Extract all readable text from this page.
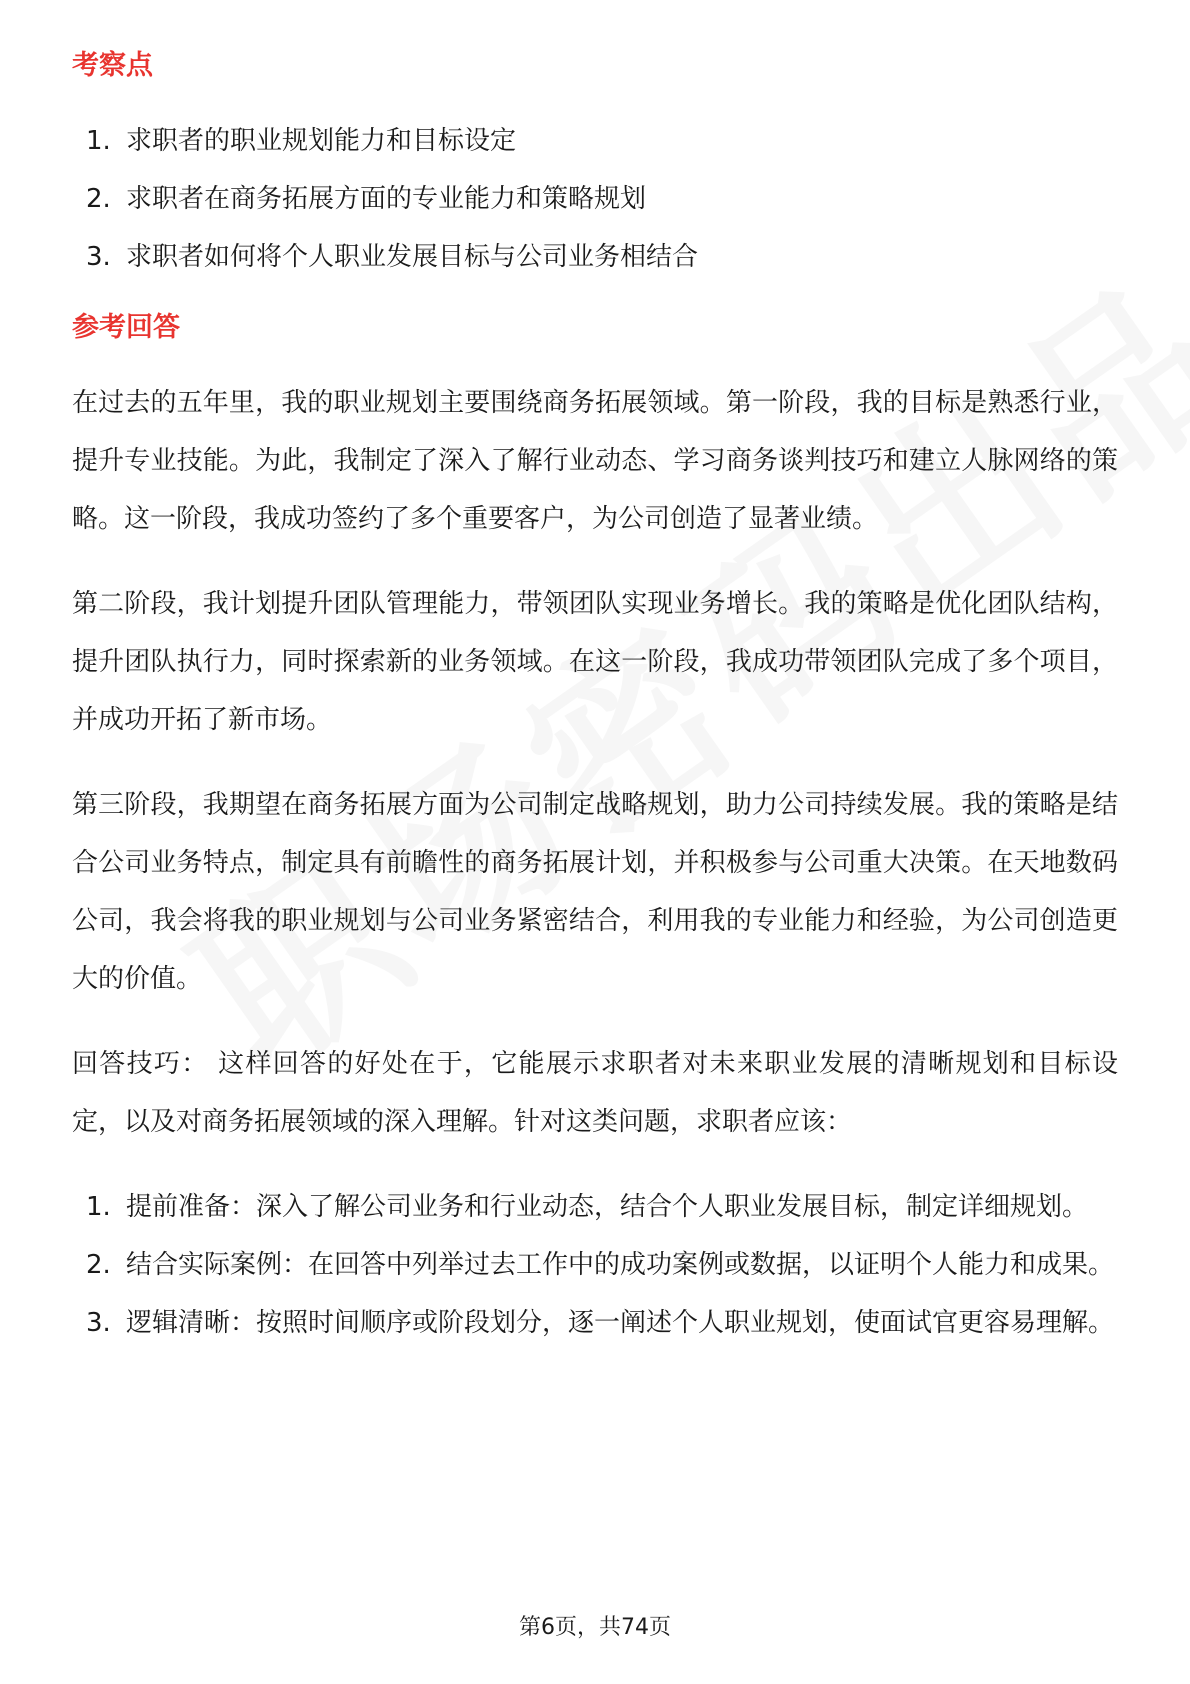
考察点
1. 求职者的职业规划能力和目标设定
2. 求职者在商务拓展方面的专业能力和策略规划
3. 求职者如何将个人职业发展目标与公司业务相结合
参考回答

在过去的五年里，我的职业规划主要围绕商务拓展领域。第一阶段，我的目标是熟悉行业，提升专业技能。为此，我制定了深入了解行业动态、学习商务谈判技巧和建立人脉网络的策略。这一阶段，我成功签约了多个重要客户，为公司创造了显著业绩。

第二阶段，我计划提升团队管理能力，带领团队实现业务增长。我的策略是优化团队结构，提升团队执行力，同时探索新的业务领域。在这一阶段，我成功带领团队完成了多个项目，并成功开拓了新市场。

第三阶段，我期望在商务拓展方面为公司制定战略规划，助力公司持续发展。我的策略是结合公司业务特点，制定具有前瞻性的商务拓展计划，并积极参与公司重大决策。在天地数码公司，我会将我的职业规划与公司业务紧密结合，利用我的专业能力和经验，为公司创造更大的价值。

回答技巧： 这样回答的好处在于，它能展示求职者对未来职业发展的清晰规划和目标设定，以及对商务拓展领域的深入理解。针对这类问题，求职者应该：

1. 提前准备：深入了解公司业务和行业动态，结合个人职业发展目标，制定详细规划。
2. 结合实际案例：在回答中列举过去工作中的成功案例或数据，以证明个人能力和成果。
3. 逻辑清晰：按照时间顺序或阶段划分，逐一阐述个人职业规划，使面试官更容易理解。
第6页，共74页
